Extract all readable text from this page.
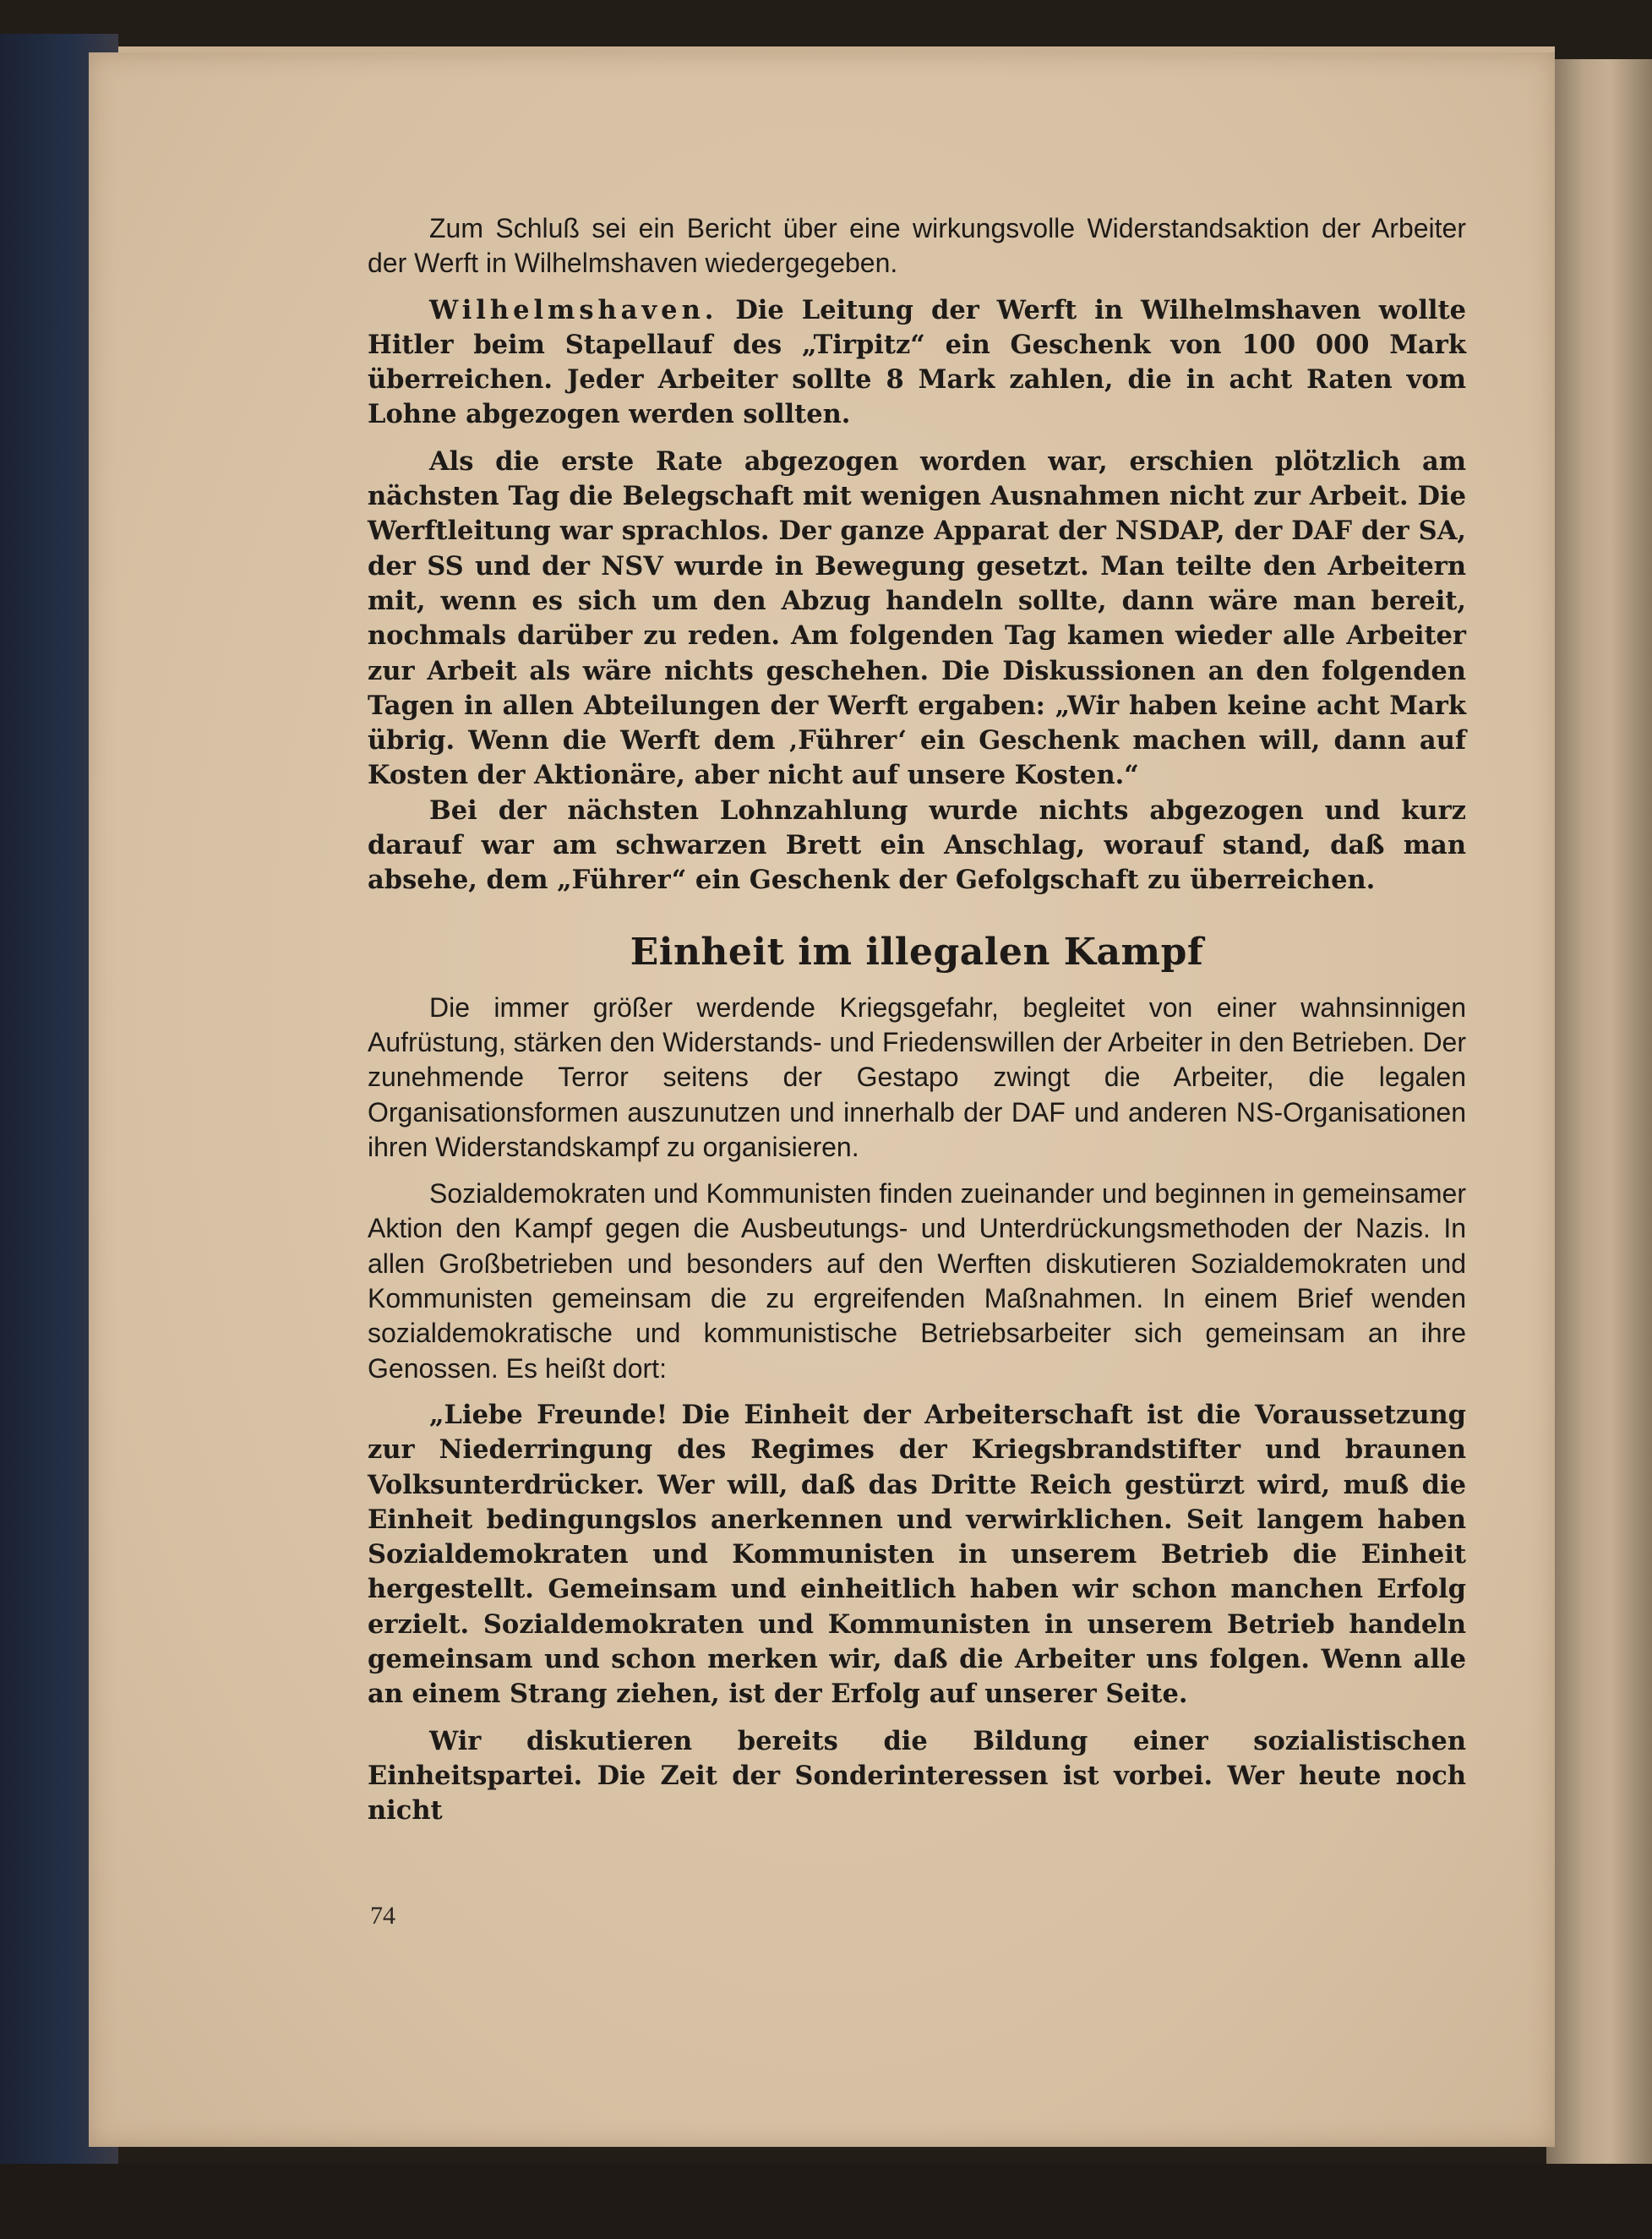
Zum Schluß sei ein Bericht über eine wirkungsvolle Widerstandsaktion der Arbeiter der Werft in Wilhelmshaven wiedergegeben.

Wilhelmshaven. Die Leitung der Werft in Wilhelmshaven wollte Hitler beim Stapellauf des „Tirpitz“ ein Geschenk von 100 000 Mark überreichen. Jeder Arbeiter sollte 8 Mark zahlen, die in acht Raten vom Lohne abgezogen werden sollten.

Als die erste Rate abgezogen worden war, erschien plötzlich am nächsten Tag die Belegschaft mit wenigen Ausnahmen nicht zur Arbeit. Die Werftleitung war sprachlos. Der ganze Apparat der NSDAP, der DAF der SA, der SS und der NSV wurde in Bewegung gesetzt. Man teilte den Arbeitern mit, wenn es sich um den Abzug handeln sollte, dann wäre man bereit, nochmals darüber zu reden. Am folgenden Tag kamen wieder alle Arbeiter zur Arbeit als wäre nichts geschehen. Die Diskussionen an den folgenden Tagen in allen Abteilungen der Werft ergaben: „Wir haben keine acht Mark übrig. Wenn die Werft dem ‚Führer‘ ein Geschenk machen will, dann auf Kosten der Aktionäre, aber nicht auf unsere Kosten.“

Bei der nächsten Lohnzahlung wurde nichts abgezogen und kurz darauf war am schwarzen Brett ein Anschlag, worauf stand, daß man absehe, dem „Führer“ ein Geschenk der Gefolgschaft zu überreichen.

Einheit im illegalen Kampf

Die immer größer werdende Kriegsgefahr, begleitet von einer wahnsinnigen Aufrüstung, stärken den Widerstands- und Friedenswillen der Arbeiter in den Betrieben. Der zunehmende Terror seitens der Gestapo zwingt die Arbeiter, die legalen Organisationsformen auszunutzen und innerhalb der DAF und anderen NS-Organisationen ihren Widerstandskampf zu organisieren.

Sozialdemokraten und Kommunisten finden zueinander und beginnen in gemeinsamer Aktion den Kampf gegen die Ausbeutungs- und Unterdrückungsmethoden der Nazis. In allen Großbetrieben und besonders auf den Werften diskutieren Sozialdemokraten und Kommunisten gemeinsam die zu ergreifenden Maßnahmen. In einem Brief wenden sozialdemokratische und kommunistische Betriebsarbeiter sich gemeinsam an ihre Genossen. Es heißt dort:

„Liebe Freunde! Die Einheit der Arbeiterschaft ist die Voraussetzung zur Niederringung des Regimes der Kriegsbrandstifter und braunen Volksunterdrücker. Wer will, daß das Dritte Reich gestürzt wird, muß die Einheit bedingungslos anerkennen und verwirklichen. Seit langem haben Sozialdemokraten und Kommunisten in unserem Betrieb die Einheit hergestellt. Gemeinsam und einheitlich haben wir schon manchen Erfolg erzielt. Sozialdemokraten und Kommunisten in unserem Betrieb handeln gemeinsam und schon merken wir, daß die Arbeiter uns folgen. Wenn alle an einem Strang ziehen, ist der Erfolg auf unserer Seite.

Wir diskutieren bereits die Bildung einer sozialistischen Einheitspartei. Die Zeit der Sonderinteressen ist vorbei. Wer heute noch nicht

74
